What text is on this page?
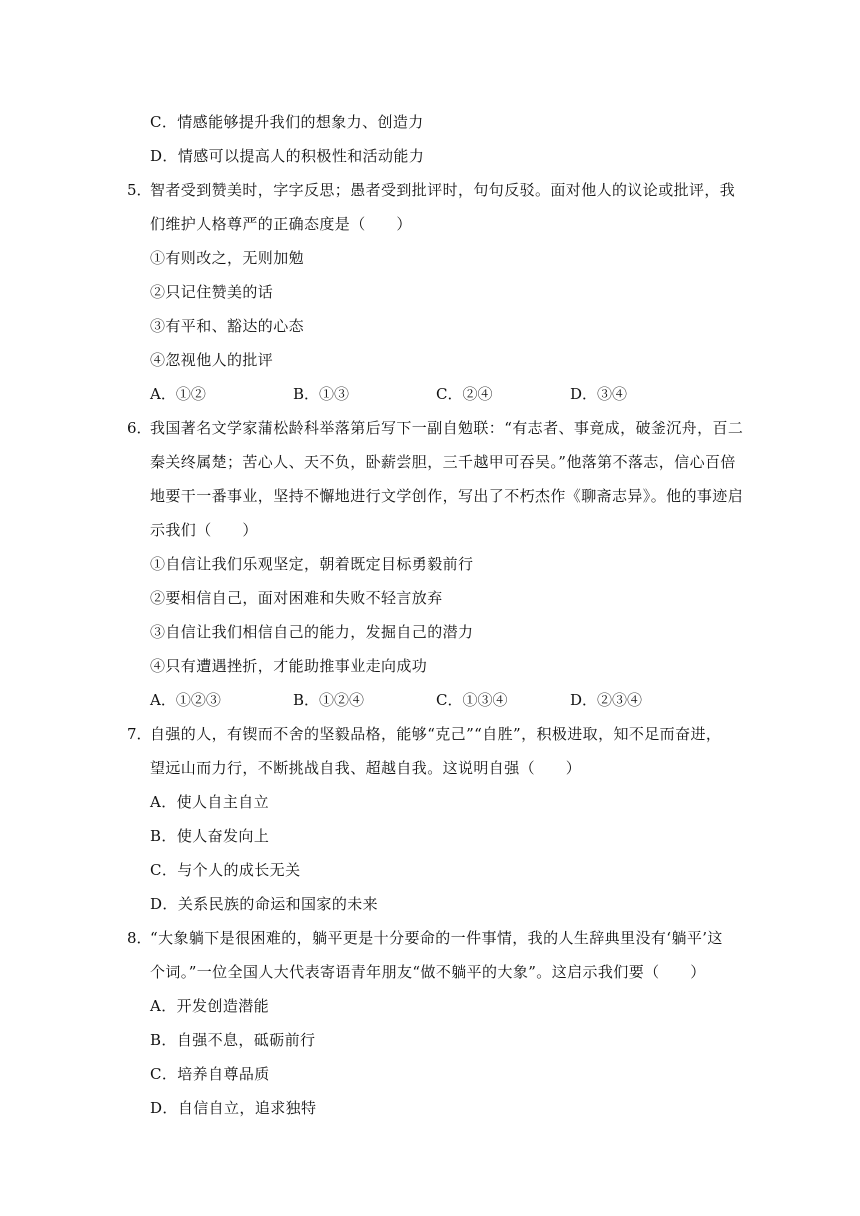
C．情感能够提升我们的想象力、创造力
D．情感可以提高人的积极性和活动能力
5．
智者受到赞美时，字字反思；愚者受到批评时，句句反驳。面对他人的议论或批评，我
们维护人格尊严的正确态度是（　　）
①有则改之，无则加勉
②只记住赞美的话
③有平和、豁达的心态
④忽视他人的批评
A．①②	B．①③	C．②④	D．③④
6．
我国著名文学家蒲松龄科举落第后写下一副自勉联：“有志者、事竟成，破釜沉舟，百二
秦关终属楚；苦心人、天不负，卧薪尝胆，三千越甲可吞吴。”他落第不落志，信心百倍
地要干一番事业，坚持不懈地进行文学创作，写出了不朽杰作《聊斋志异》。他的事迹启
示我们（　　）
①自信让我们乐观坚定，朝着既定目标勇毅前行
②要相信自己，面对困难和失败不轻言放弃
③自信让我们相信自己的能力，发掘自己的潜力
④只有遭遇挫折，才能助推事业走向成功
A．①②③	B．①②④	C．①③④	D．②③④
7．
自强的人，有锲而不舍的坚毅品格，能够“克己”“自胜”，积极进取，知不足而奋进，
望远山而力行，不断挑战自我、超越自我。这说明自强（　　）
A．使人自主自立
B．使人奋发向上
C．与个人的成长无关
D．关系民族的命运和国家的未来
8．
“大象躺下是很困难的，躺平更是十分要命的一件事情，我的人生辞典里没有‘躺平’这
个词。”一位全国人大代表寄语青年朋友“做不躺平的大象”。这启示我们要（　　）
A．开发创造潜能
B．自强不息，砥砺前行
C．培养自尊品质
D．自信自立，追求独特
